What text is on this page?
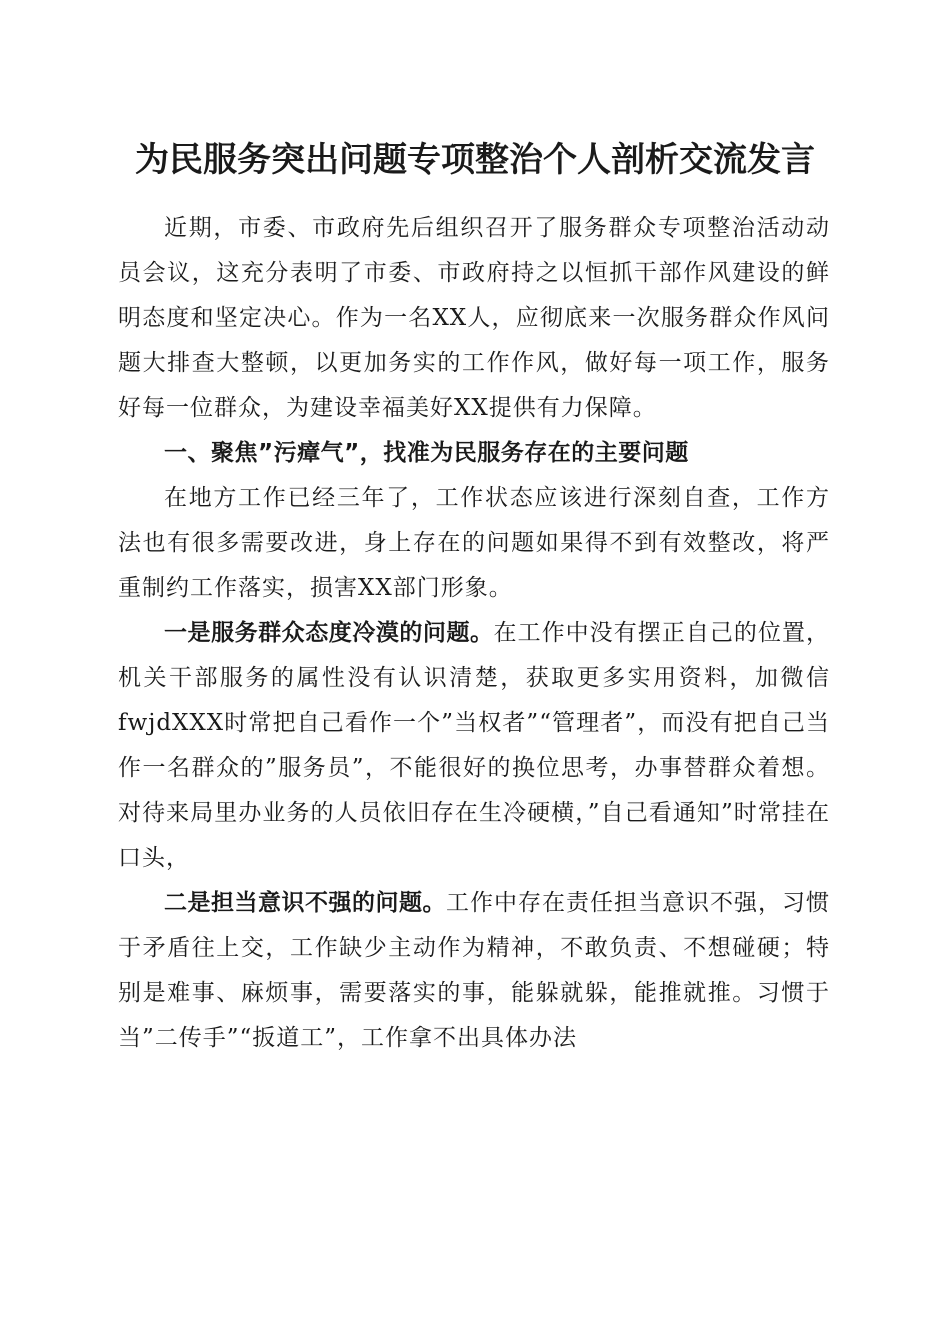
为民服务突出问题专项整治个人剖析交流发言

近期，市委、市政府先后组织召开了服务群众专项整治活动动员会议，这充分表明了市委、市政府持之以恒抓干部作风建设的鲜明态度和坚定决心。作为一名XX人，应彻底来一次服务群众作风问题大排查大整顿，以更加务实的工作作风，做好每一项工作，服务好每一位群众，为建设幸福美好XX提供有力保障。

一、聚焦”污瘴气”，找准为民服务存在的主要问题

在地方工作已经三年了，工作状态应该进行深刻自查，工作方法也有很多需要改进，身上存在的问题如果得不到有效整改，将严重制约工作落实，损害XX部门形象。

一是服务群众态度冷漠的问题。在工作中没有摆正自己的位置，机关干部服务的属性没有认识清楚，获取更多实用资料，加微信fwjdXXX时常把自己看作一个”当权者”“管理者”，而没有把自己当作一名群众的”服务员”，不能很好的换位思考，办事替群众着想。对待来局里办业务的人员依旧存在生冷硬横，”自己看通知”时常挂在口头，

二是担当意识不强的问题。工作中存在责任担当意识不强，习惯于矛盾往上交，工作缺少主动作为精神，不敢负责、不想碰硬；特别是难事、麻烦事，需要落实的事，能躲就躲，能推就推。习惯于当”二传手”“扳道工”，工作拿不出具体办法
